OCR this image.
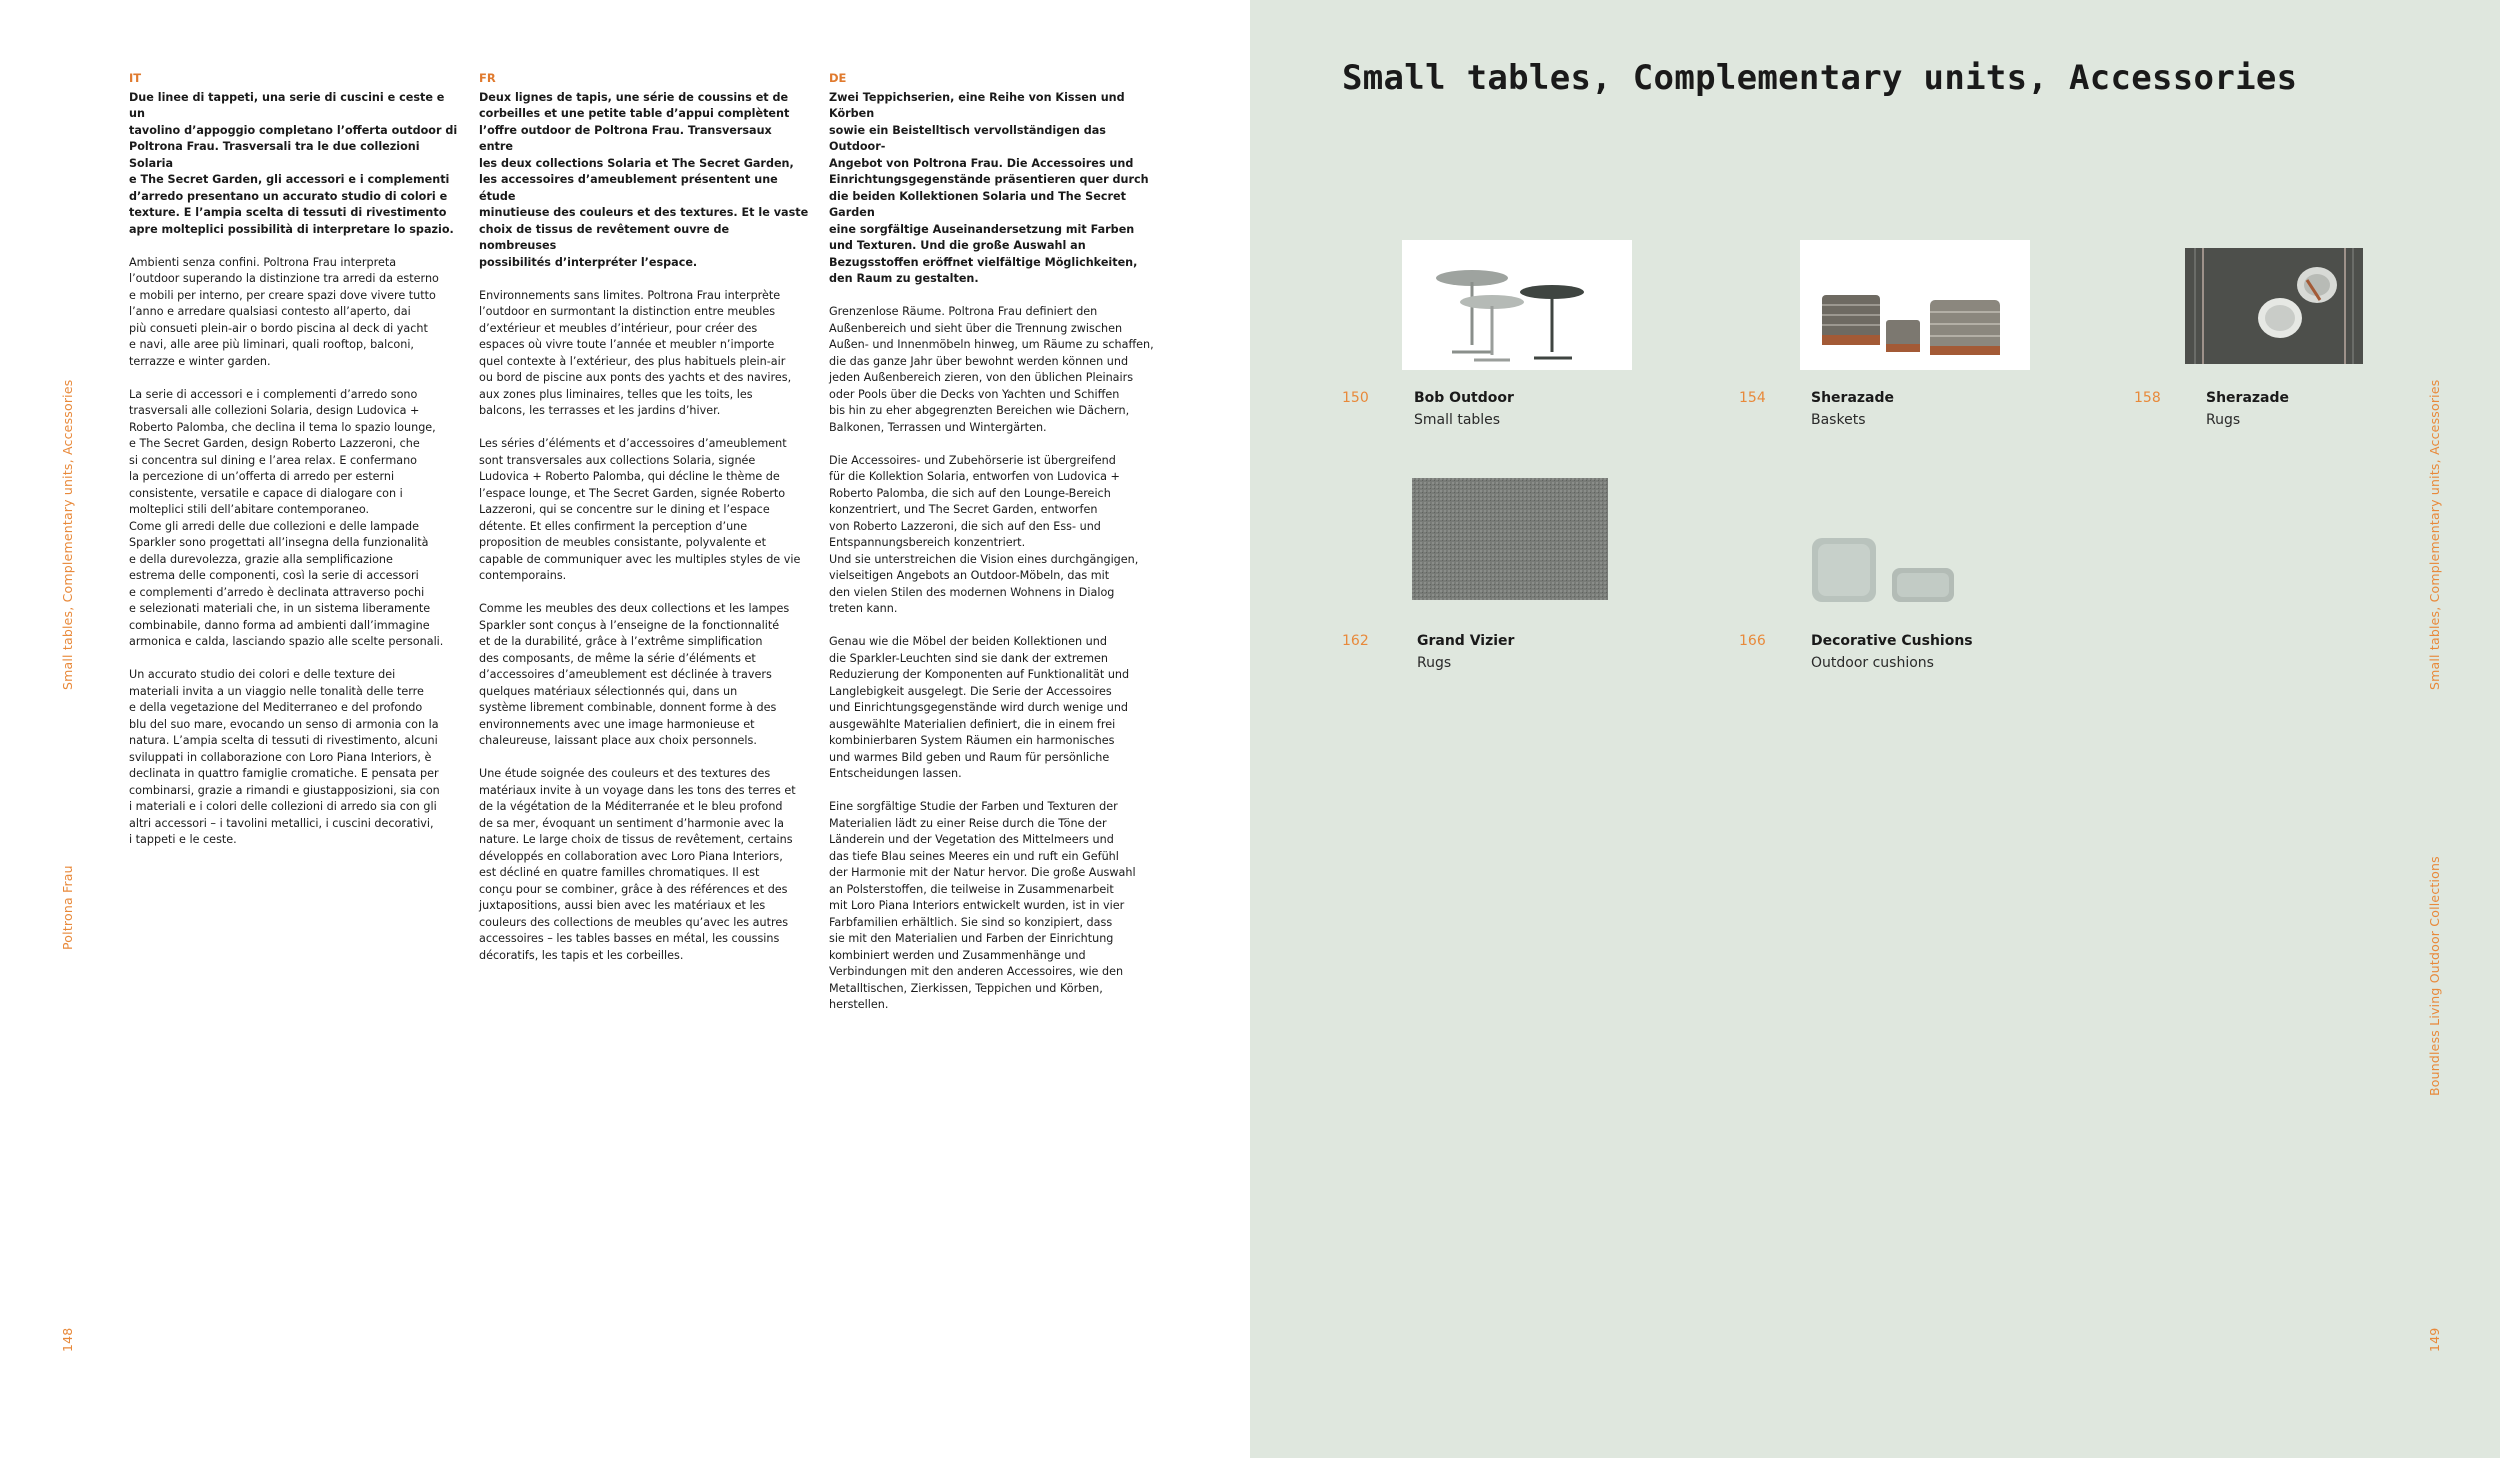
Small tables, Complementary units, Accessories
Poltrona Frau
148
IT

Due linee di tappeti, una serie di cuscini e ceste e un
tavolino d’appoggio completano l’offerta outdoor di
Poltrona Frau. Trasversali tra le due collezioni Solaria
e The Secret Garden, gli accessori e i complementi
d’arredo presentano un accurato studio di colori e
texture. E l’ampia scelta di tessuti di rivestimento
apre molteplici possibilità di interpretare lo spazio.

Ambienti senza confini. Poltrona Frau interpreta
l’outdoor superando la distinzione tra arredi da esterno
e mobili per interno, per creare spazi dove vivere tutto
l’anno e arredare qualsiasi contesto all’aperto, dai
più consueti plein-air o bordo piscina al deck di yacht
e navi, alle aree più liminari, quali rooftop, balconi,
terrazze e winter garden.

La serie di accessori e i complementi d’arredo sono
trasversali alle collezioni Solaria, design Ludovica +
Roberto Palomba, che declina il tema lo spazio lounge,
e The Secret Garden, design Roberto Lazzeroni, che
si concentra sul dining e l’area relax. E confermano
la percezione di un’offerta di arredo per esterni
consistente, versatile e capace di dialogare con i
molteplici stili dell’abitare contemporaneo.
Come gli arredi delle due collezioni e delle lampade
Sparkler sono progettati all’insegna della funzionalità
e della durevolezza, grazie alla semplificazione
estrema delle componenti, così la serie di accessori
e complementi d’arredo è declinata attraverso pochi
e selezionati materiali che, in un sistema liberamente
combinabile, danno forma ad ambienti dall’immagine
armonica e calda, lasciando spazio alle scelte personali.

Un accurato studio dei colori e delle texture dei
materiali invita a un viaggio nelle tonalità delle terre
e della vegetazione del Mediterraneo e del profondo
blu del suo mare, evocando un senso di armonia con la
natura. L’ampia scelta di tessuti di rivestimento, alcuni
sviluppati in collaborazione con Loro Piana Interiors, è
declinata in quattro famiglie cromatiche. E pensata per
combinarsi, grazie a rimandi e giustapposizioni, sia con
i materiali e i colori delle collezioni di arredo sia con gli
altri accessori – i tavolini metallici, i cuscini decorativi,
i tappeti e le ceste.

FR

Deux lignes de tapis, une série de coussins et de
corbeilles et une petite table d’appui complètent
l’offre outdoor de Poltrona Frau. Transversaux entre
les deux collections Solaria et The Secret Garden,
les accessoires d’ameublement présentent une étude
minutieuse des couleurs et des textures. Et le vaste
choix de tissus de revêtement ouvre de nombreuses
possibilités d’interpréter l’espace.

Environnements sans limites. Poltrona Frau interprète
l’outdoor en surmontant la distinction entre meubles
d’extérieur et meubles d’intérieur, pour créer des
espaces où vivre toute l’année et meubler n’importe
quel contexte à l’extérieur, des plus habituels plein-air
ou bord de piscine aux ponts des yachts et des navires,
aux zones plus liminaires, telles que les toits, les
balcons, les terrasses et les jardins d’hiver.

Les séries d’éléments et d’accessoires d’ameublement
sont transversales aux collections Solaria, signée
Ludovica + Roberto Palomba, qui décline le thème de
l’espace lounge, et The Secret Garden, signée Roberto
Lazzeroni, qui se concentre sur le dining et l’espace
détente. Et elles confirment la perception d’une
proposition de meubles consistante, polyvalente et
capable de communiquer avec les multiples styles de vie
contemporains.

Comme les meubles des deux collections et les lampes
Sparkler sont conçus à l’enseigne de la fonctionnalité
et de la durabilité, grâce à l’extrême simplification
des composants, de même la série d’éléments et
d’accessoires d’ameublement est déclinée à travers
quelques matériaux sélectionnés qui, dans un
système librement combinable, donnent forme à des
environnements avec une image harmonieuse et
chaleureuse, laissant place aux choix personnels.

Une étude soignée des couleurs et des textures des
matériaux invite à un voyage dans les tons des terres et
de la végétation de la Méditerranée et le bleu profond
de sa mer, évoquant un sentiment d’harmonie avec la
nature. Le large choix de tissus de revêtement, certains
développés en collaboration avec Loro Piana Interiors,
est décliné en quatre familles chromatiques. Il est
conçu pour se combiner, grâce à des références et des
juxtapositions, aussi bien avec les matériaux et les
couleurs des collections de meubles qu’avec les autres
accessoires – les tables basses en métal, les coussins
décoratifs, les tapis et les corbeilles.

DE

Zwei Teppichserien, eine Reihe von Kissen und Körben
sowie ein Beistelltisch vervollständigen das Outdoor-
Angebot von Poltrona Frau. Die Accessoires und
Einrichtungsgegenstände präsentieren quer durch
die beiden Kollektionen Solaria und The Secret Garden
eine sorgfältige Auseinandersetzung mit Farben
und Texturen. Und die große Auswahl an
Bezugsstoffen eröffnet vielfältige Möglichkeiten,
den Raum zu gestalten.

Grenzenlose Räume. Poltrona Frau definiert den
Außenbereich und sieht über die Trennung zwischen
Außen- und Innenmöbeln hinweg, um Räume zu schaffen,
die das ganze Jahr über bewohnt werden können und
jeden Außenbereich zieren, von den üblichen Pleinairs
oder Pools über die Decks von Yachten und Schiffen
bis hin zu eher abgegrenzten Bereichen wie Dächern,
Balkonen, Terrassen und Wintergärten.

Die Accessoires- und Zubehörserie ist übergreifend
für die Kollektion Solaria, entworfen von Ludovica +
Roberto Palomba, die sich auf den Lounge-Bereich
konzentriert, und The Secret Garden, entworfen
von Roberto Lazzeroni, die sich auf den Ess- und
Entspannungsbereich konzentriert.
Und sie unterstreichen die Vision eines durchgängigen,
vielseitigen Angebots an Outdoor-Möbeln, das mit
den vielen Stilen des modernen Wohnens in Dialog
treten kann.

Genau wie die Möbel der beiden Kollektionen und
die Sparkler-Leuchten sind sie dank der extremen
Reduzierung der Komponenten auf Funktionalität und
Langlebigkeit ausgelegt. Die Serie der Accessoires
und Einrichtungsgegenstände wird durch wenige und
ausgewählte Materialien definiert, die in einem frei
kombinierbaren System Räumen ein harmonisches
und warmes Bild geben und Raum für persönliche
Entscheidungen lassen.

Eine sorgfältige Studie der Farben und Texturen der
Materialien lädt zu einer Reise durch die Töne der
Länderein und der Vegetation des Mittelmeers und
das tiefe Blau seines Meeres ein und ruft ein Gefühl
der Harmonie mit der Natur hervor. Die große Auswahl
an Polsterstoffen, die teilweise in Zusammenarbeit
mit Loro Piana Interiors entwickelt wurden, ist in vier
Farbfamilien erhältlich. Sie sind so konzipiert, dass
sie mit den Materialien und Farben der Einrichtung
kombiniert werden und Zusammenhänge und
Verbindungen mit den anderen Accessoires, wie den
Metalltischen, Zierkissen, Teppichen und Körben,
herstellen.

Small tables, Complementary units, Accessories
Small tables, Complementary units, Accessories
Boundless Living Outdoor Collections
149
150	Bob Outdoor
Small tables
154	Sherazade
Baskets
158	Sherazade
Rugs
162	Grand Vizier
Rugs
166	Decorative Cushions
Outdoor cushions
